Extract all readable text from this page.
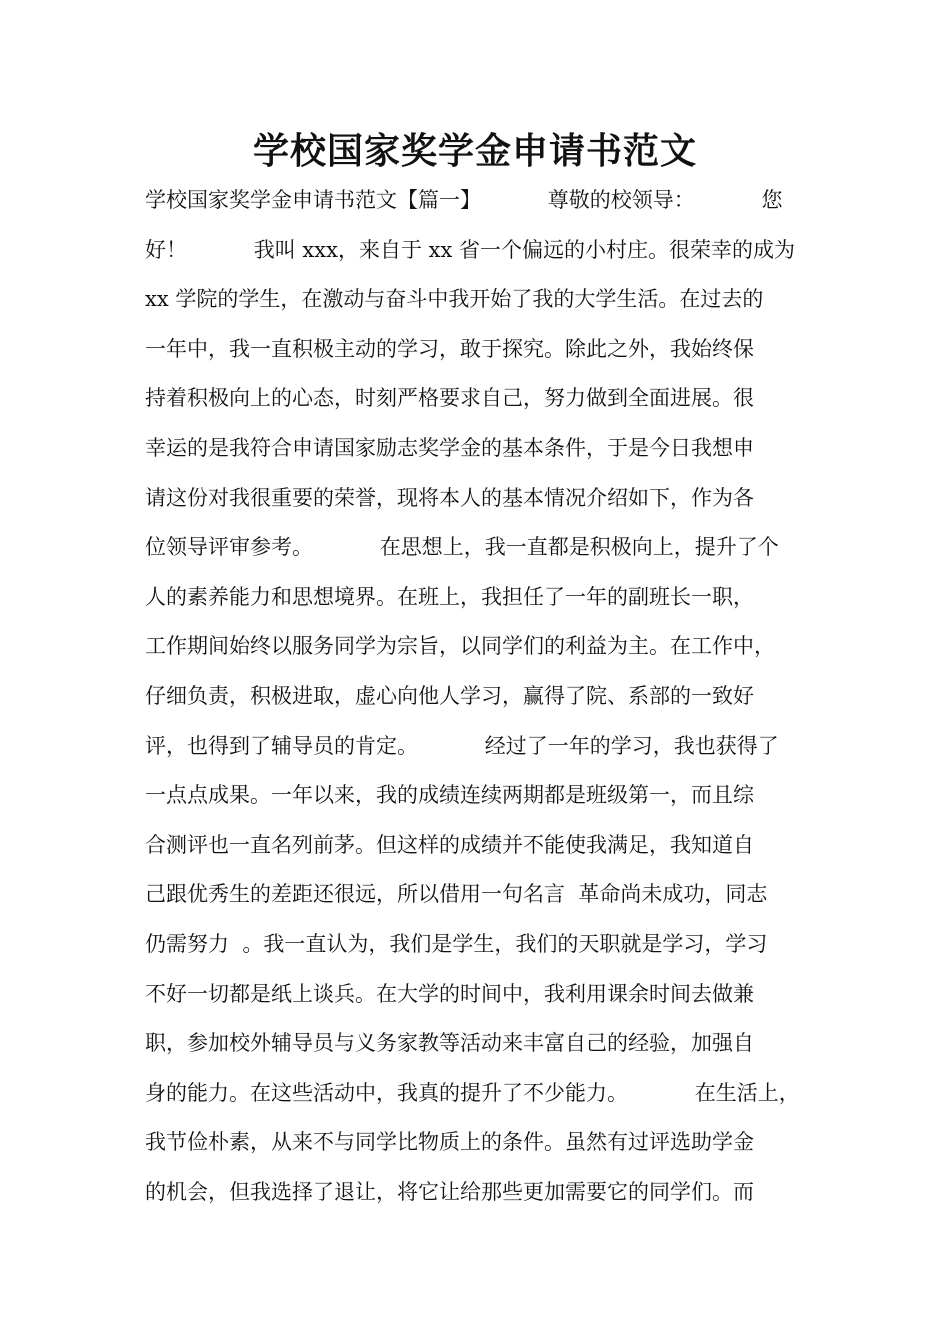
学校国家奖学金申请书范文
学校国家奖学金申请书范文【篇一】          尊敬的校领导：          您
好！          我叫 xxx，来自于 xx 省一个偏远的小村庄。很荣幸的成为
xx 学院的学生，在激动与奋斗中我开始了我的大学生活。在过去的
一年中，我一直积极主动的学习，敢于探究。除此之外，我始终保
持着积极向上的心态，时刻严格要求自己，努力做到全面进展。很
幸运的是我符合申请国家励志奖学金的基本条件，于是今日我想申
请这份对我很重要的荣誉，现将本人的基本情况介绍如下，作为各
位领导评审参考。          在思想上，我一直都是积极向上，提升了个
人的素养能力和思想境界。在班上，我担任了一年的副班长一职，
工作期间始终以服务同学为宗旨，以同学们的利益为主。在工作中，
仔细负责，积极进取，虚心向他人学习，赢得了院、系部的一致好
评，也得到了辅导员的肯定。          经过了一年的学习，我也获得了
一点点成果。一年以来，我的成绩连续两期都是班级第一，而且综
合测评也一直名列前茅。但这样的成绩并不能使我满足，我知道自
己跟优秀生的差距还很远，所以借用一句名言  革命尚未成功，同志
仍需努力  。我一直认为，我们是学生，我们的天职就是学习，学习
不好一切都是纸上谈兵。在大学的时间中，我利用课余时间去做兼
职，参加校外辅导员与义务家教等活动来丰富自己的经验，加强自
身的能力。在这些活动中，我真的提升了不少能力。          在生活上，
我节俭朴素，从来不与同学比物质上的条件。虽然有过评选助学金
的机会，但我选择了退让，将它让给那些更加需要它的同学们。而
